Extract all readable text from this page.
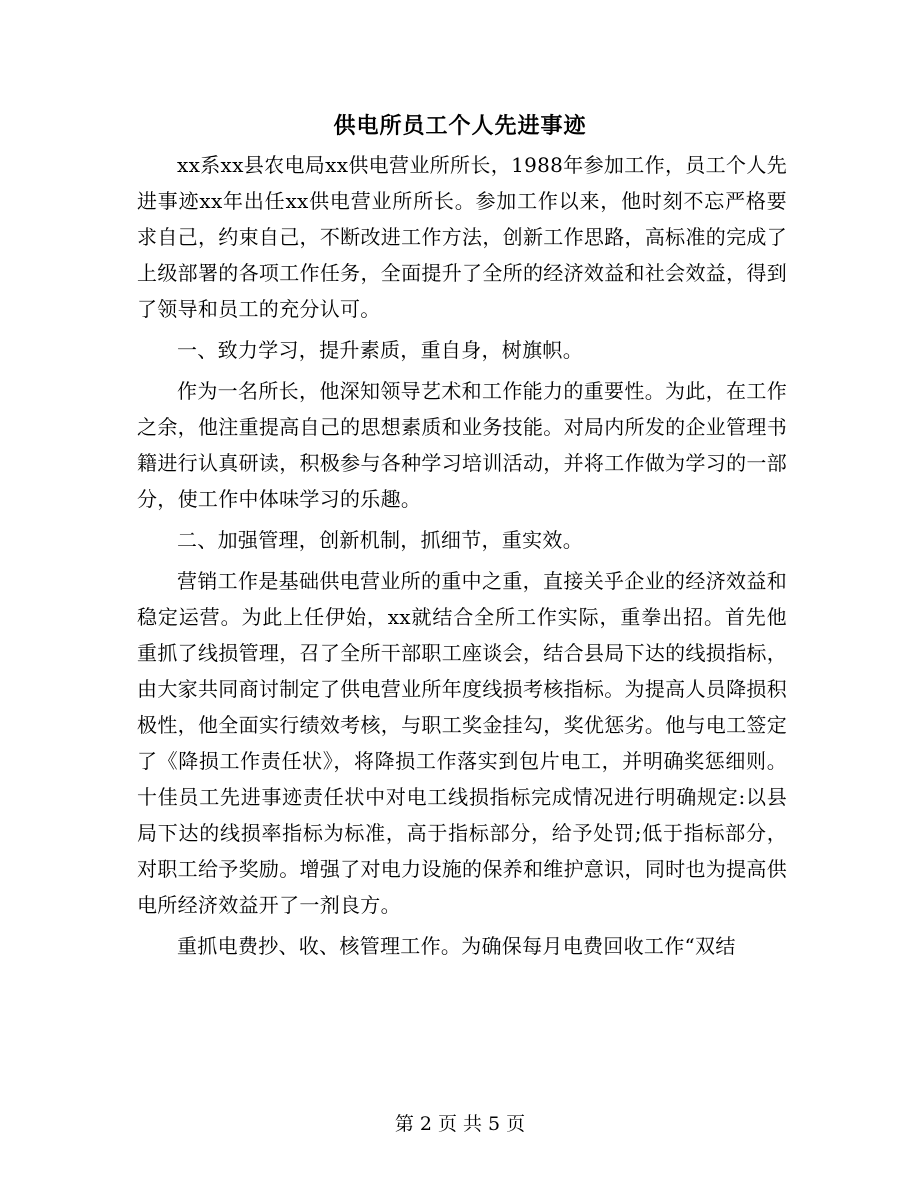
供电所员工个人先进事迹

xx系xx县农电局xx供电营业所所长，1988年参加工作，员工个人先进事迹xx年出任xx供电营业所所长。参加工作以来，他时刻不忘严格要求自己，约束自己，不断改进工作方法，创新工作思路，高标准的完成了上级部署的各项工作任务，全面提升了全所的经济效益和社会效益，得到了领导和员工的充分认可。

一、致力学习，提升素质，重自身，树旗帜。

作为一名所长，他深知领导艺术和工作能力的重要性。为此，在工作之余，他注重提高自己的思想素质和业务技能。对局内所发的企业管理书籍进行认真研读，积极参与各种学习培训活动，并将工作做为学习的一部分，使工作中体味学习的乐趣。

二、加强管理，创新机制，抓细节，重实效。

营销工作是基础供电营业所的重中之重，直接关乎企业的经济效益和稳定运营。为此上任伊始，xx就结合全所工作实际，重拳出招。首先他重抓了线损管理，召了全所干部职工座谈会，结合县局下达的线损指标，由大家共同商讨制定了供电营业所年度线损考核指标。为提高人员降损积极性，他全面实行绩效考核，与职工奖金挂勾，奖优惩劣。他与电工签定了《降损工作责任状》，将降损工作落实到包片电工，并明确奖惩细则。十佳员工先进事迹责任状中对电工线损指标完成情况进行明确规定:以县局下达的线损率指标为标准，高于指标部分，给予处罚;低于指标部分，对职工给予奖励。增强了对电力设施的保养和维护意识，同时也为提高供电所经济效益开了一剂良方。

重抓电费抄、收、核管理工作。为确保每月电费回收工作“双结

第 2 页 共 5 页
